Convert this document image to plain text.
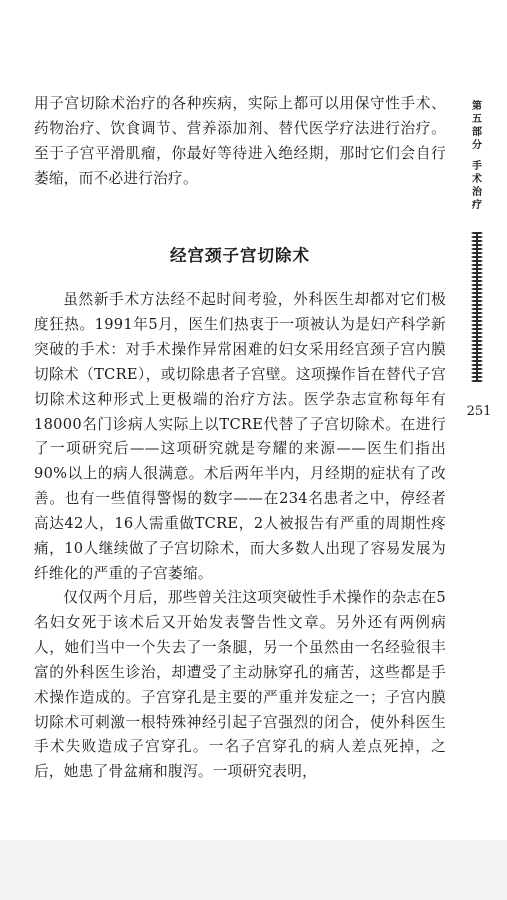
用子宫切除术治疗的各种疾病，实际上都可以用保守性手术、药物治疗、饮食调节、营养添加剂、替代医学疗法进行治疗。至于子宫平滑肌瘤，你最好等待进入绝经期，那时它们会自行萎缩，而不必进行治疗。

经宫颈子宫切除术

虽然新手术方法经不起时间考验，外科医生却都对它们极度狂热。1991年5月，医生们热衷于一项被认为是妇产科学新突破的手术：对手术操作异常困难的妇女采用经宫颈子宫内膜切除术（TCRE），或切除患者子宫壁。这项操作旨在替代子宫切除术这种形式上更极端的治疗方法。医学杂志宣称每年有18000名门诊病人实际上以TCRE代替了子宫切除术。在进行了一项研究后——这项研究就是夸耀的来源——医生们指出90%以上的病人很满意。术后两年半内，月经期的症状有了改善。也有一些值得警惕的数字——在234名患者之中，停经者高达42人，16人需重做TCRE，2人被报告有严重的周期性疼痛，10人继续做了子宫切除术，而大多数人出现了容易发展为纤维化的严重的子宫萎缩。

仅仅两个月后，那些曾关注这项突破性手术操作的杂志在5名妇女死于该术后又开始发表警告性文章。另外还有两例病人，她们当中一个失去了一条腿，另一个虽然由一名经验很丰富的外科医生诊治，却遭受了主动脉穿孔的痛苦，这些都是手术操作造成的。子宫穿孔是主要的严重并发症之一；子宫内膜切除术可刺激一根特殊神经引起子宫强烈的闭合，使外科医生手术失败造成子宫穿孔。一名子宫穿孔的病人差点死掉，之后，她患了骨盆痛和腹泻。一项研究表明，

第五部分
手术治疗
251
